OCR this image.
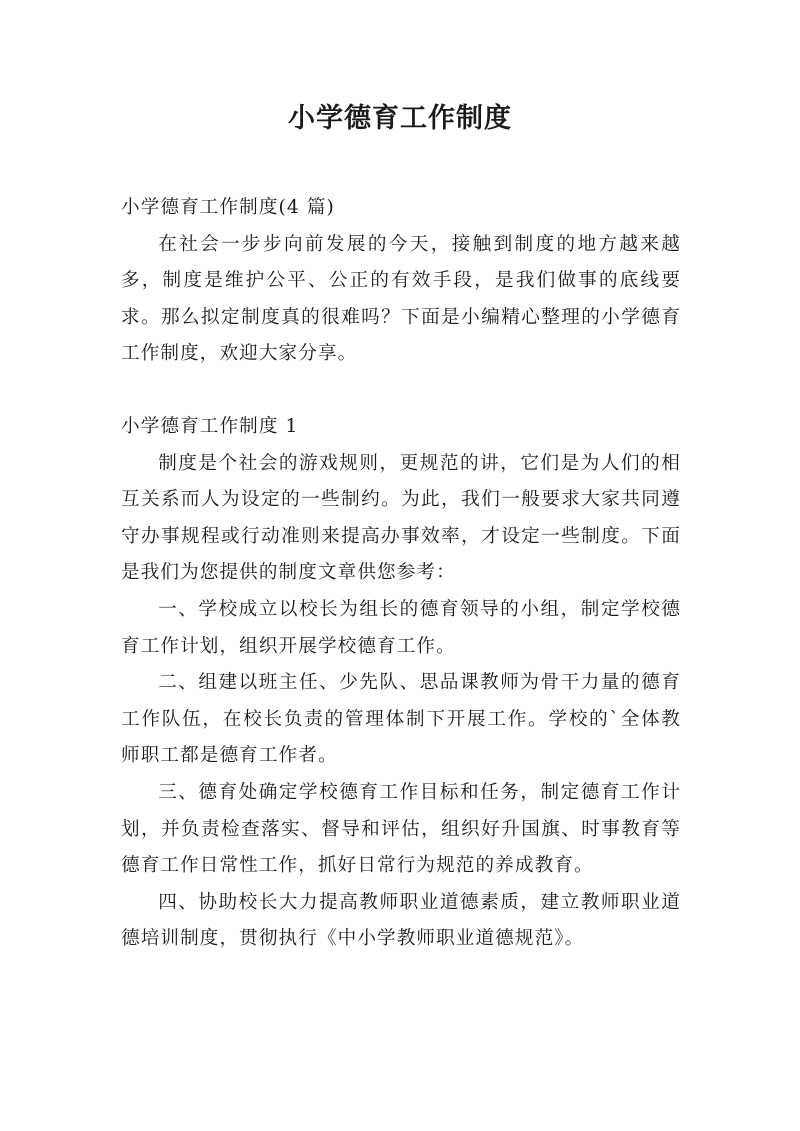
小学德育工作制度

小学德育工作制度(4 篇)

在社会一步步向前发展的今天，接触到制度的地方越来越多，制度是维护公平、公正的有效手段，是我们做事的底线要求。那么拟定制度真的很难吗？下面是小编精心整理的小学德育工作制度，欢迎大家分享。

小学德育工作制度 1

制度是个社会的游戏规则，更规范的讲，它们是为人们的相互关系而人为设定的一些制约。为此，我们一般要求大家共同遵守办事规程或行动准则来提高办事效率，才设定一些制度。下面是我们为您提供的制度文章供您参考：

一、学校成立以校长为组长的德育领导的小组，制定学校德育工作计划，组织开展学校德育工作。

二、组建以班主任、少先队、思品课教师为骨干力量的德育工作队伍，在校长负责的管理体制下开展工作。学校的`全体教师职工都是德育工作者。

三、德育处确定学校德育工作目标和任务，制定德育工作计划，并负责检查落实、督导和评估，组织好升国旗、时事教育等德育工作日常性工作，抓好日常行为规范的养成教育。

四、协助校长大力提高教师职业道德素质，建立教师职业道德培训制度，贯彻执行《中小学教师职业道德规范》。
